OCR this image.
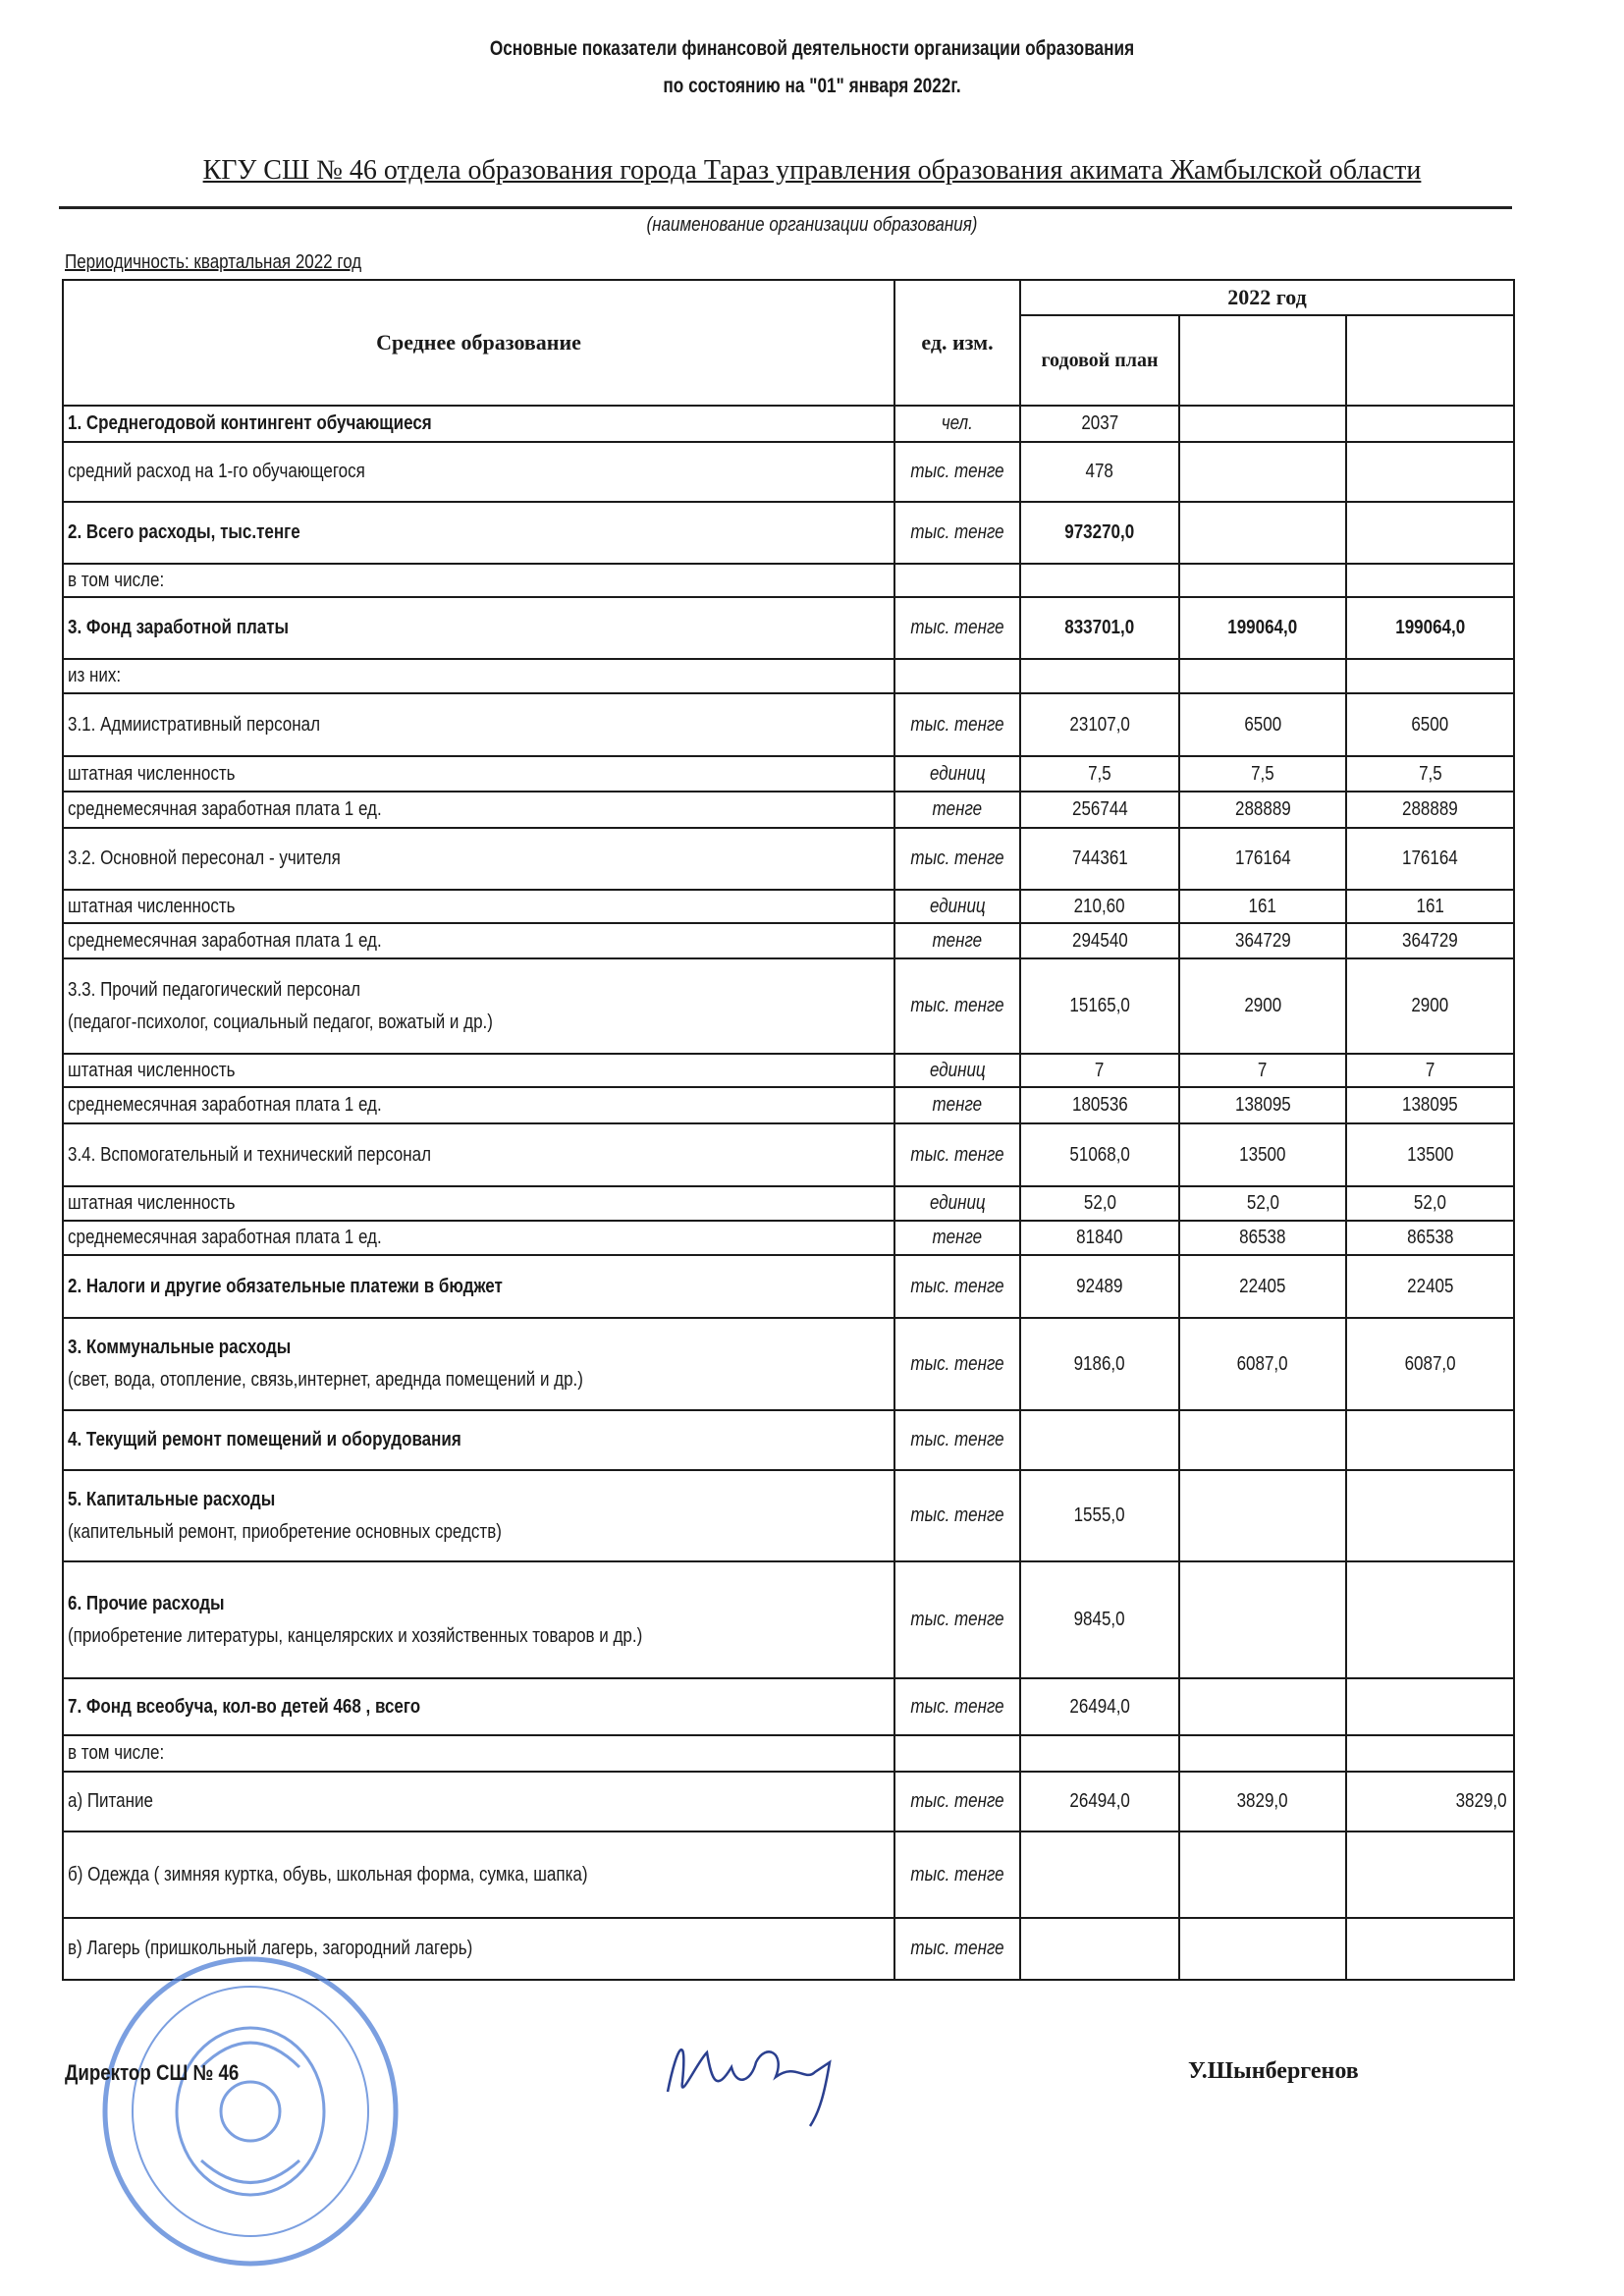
Основные показатели финансовой деятельности организации образования
по состоянию на "01" января 2022г.
КГУ СШ № 46 отдела образования города Тараз управления образования акимата Жамбылской области
(наименование организации образования)
Периодичность: квартальная 2022 год
Среднее образование	ед. изм.	2022 год		
		годовой план		
1. Среднегодовой контингент обучающиеся	чел.	2037		
средний расход на 1-го обучающегося	тыс. тенге	478		
2. Всего расходы, тыс.тенге	тыс. тенге	973270,0		
в том числе:				
3. Фонд заработной платы	тыс. тенге	833701,0	199064,0	199064,0
из них:				
3.1. Адмиистративный персонал	тыс. тенге	23107,0	6500	6500
штатная численность	единиц	7,5	7,5	7,5
среднемесячная заработная плата 1 ед.	тенге	256744	288889	288889
3.2. Основной пересонал - учителя	тыс. тенге	744361	176164	176164
штатная численность	единиц	210,60	161	161
среднемесячная заработная плата 1 ед.	тенге	294540	364729	364729
3.3. Прочий педагогический персонал
(педагог-психолог, социальный педагог, вожатый и др.)	тыс. тенге	15165,0	2900	2900
штатная численность	единиц	7	7	7
среднемесячная заработная плата 1 ед.	тенге	180536	138095	138095
3.4. Вспомогательный и технический персонал	тыс. тенге	51068,0	13500	13500
штатная численность	единиц	52,0	52,0	52,0
среднемесячная заработная плата 1 ед.	тенге	81840	86538	86538
2. Налоги и другие обязательные платежи в бюджет	тыс. тенге	92489	22405	22405
3. Коммунальные расходы
(свет, вода, отопление, связь,интернет, ареднда помещений и др.)	тыс. тенге	9186,0	6087,0	6087,0
4. Текущий ремонт помещений и оборудования	тыс. тенге			
5. Капитальные расходы
(капительный ремонт, приобретение основных средств)	тыс. тенге	1555,0		
6. Прочие расходы
(приобретение литературы, канцелярских и хозяйственных товаров и др.)	тыс. тенге	9845,0		
7. Фонд всеобуча, кол-во детей 468 , всего	тыс. тенге	26494,0		
в том числе:				
а) Питание	тыс. тенге	26494,0	3829,0	3829,0
б) Одежда ( зимняя куртка, обувь, школьная форма, сумка, шапка)	тыс. тенге			
в) Лагерь (пришкольный лагерь, загородний лагерь)	тыс. тенге			
Директор СШ № 46	У.Шынбергенов
